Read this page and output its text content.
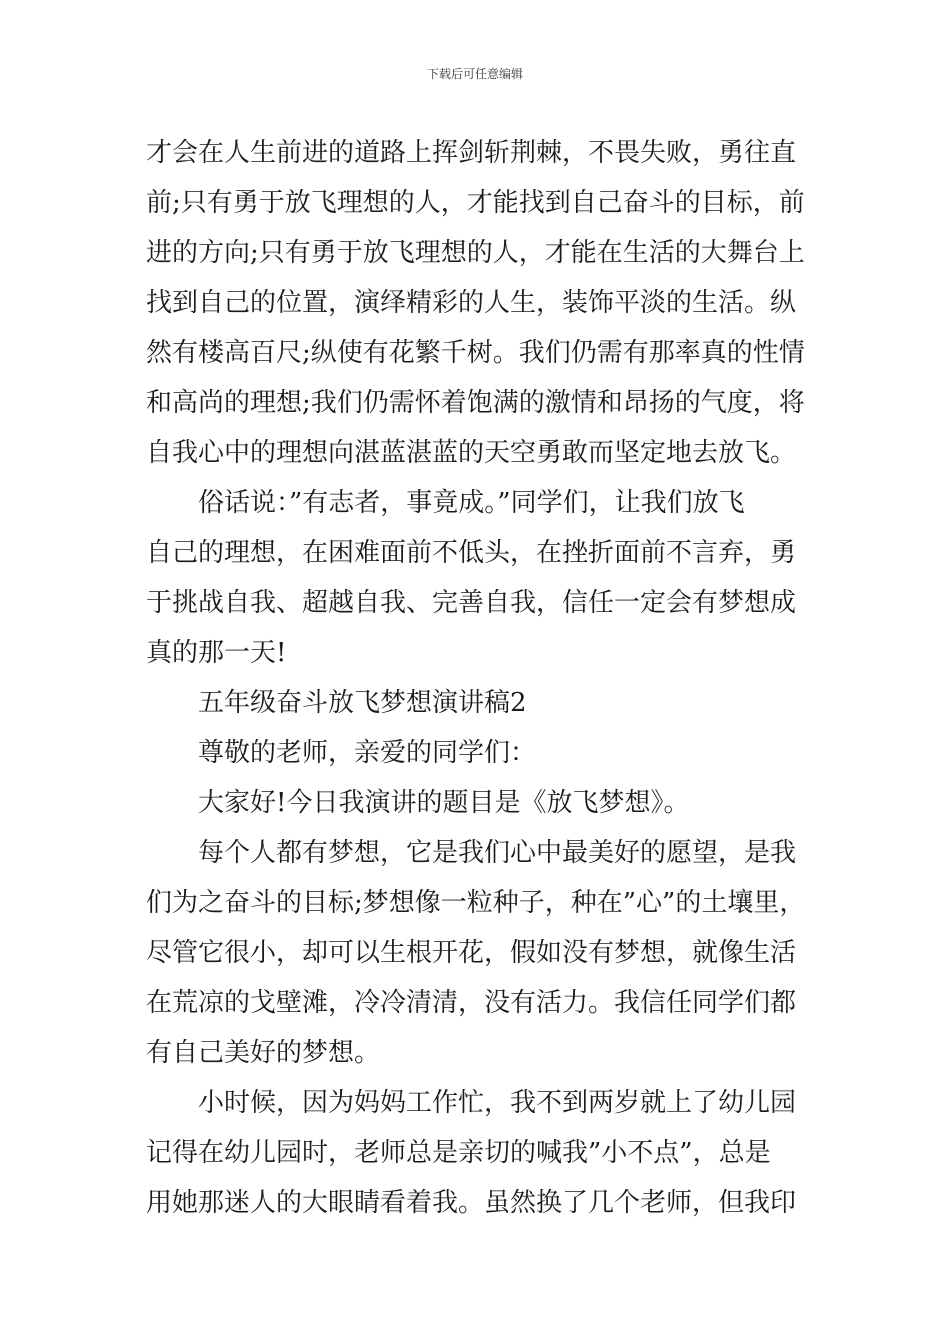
下载后可任意编辑
才会在人生前进的道路上挥剑斩荆棘，不畏失败，勇往直
前;只有勇于放飞理想的人，才能找到自己奋斗的目标，前
进的方向;只有勇于放飞理想的人，才能在生活的大舞台上
找到自己的位置，演绎精彩的人生，装饰平淡的生活。纵
然有楼高百尺;纵使有花繁千树。我们仍需有那率真的性情
和高尚的理想;我们仍需怀着饱满的激情和昂扬的气度，将
自我心中的理想向湛蓝湛蓝的天空勇敢而坚定地去放飞。
俗话说：”有志者，事竟成。”同学们，让我们放飞
自己的理想，在困难面前不低头，在挫折面前不言弃，勇
于挑战自我、超越自我、完善自我，信任一定会有梦想成
真的那一天!
五年级奋斗放飞梦想演讲稿2
尊敬的老师，亲爱的同学们：
大家好!今日我演讲的题目是《放飞梦想》。
每个人都有梦想，它是我们心中最美好的愿望，是我
们为之奋斗的目标;梦想像一粒种子，种在”心”的土壤里，
尽管它很小，却可以生根开花，假如没有梦想，就像生活
在荒凉的戈壁滩，冷冷清清，没有活力。我信任同学们都
有自己美好的梦想。
小时候，因为妈妈工作忙，我不到两岁就上了幼儿园
记得在幼儿园时，老师总是亲切的喊我”小不点”，总是
用她那迷人的大眼睛看着我。虽然换了几个老师，但我印
